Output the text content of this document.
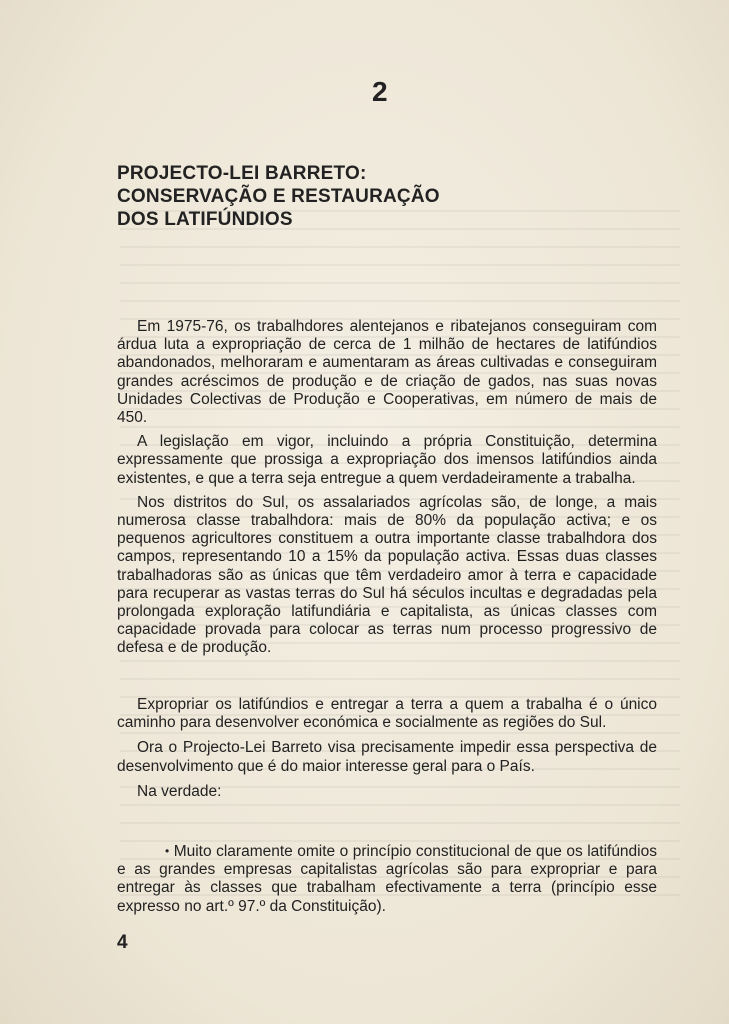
2
PROJECTO-LEI BARRETO:
CONSERVAÇÃO E RESTAURAÇÃO
DOS LATIFÚNDIOS

Em 1975-76, os trabalhdores alentejanos e ribatejanos conseguiram com árdua luta a expropriação de cerca de 1 milhão de hectares de latifúndios abandonados, melhoraram e aumentaram as áreas cultivadas e conseguiram grandes acréscimos de produção e de criação de gados, nas suas novas Unidades Colectivas de Produção e Cooperativas, em número de mais de 450.

A legislação em vigor, incluindo a própria Constituição, determina expressamente que prossiga a expropriação dos imensos latifúndios ainda existentes, e que a terra seja entregue a quem verdadeiramente a trabalha.

Nos distritos do Sul, os assalariados agrícolas são, de longe, a mais numerosa classe trabalhdora: mais de 80% da população activa; e os pequenos agricultores constituem a outra importante classe trabalhdora dos campos, representando 10 a 15% da população activa. Essas duas classes trabalhadoras são as únicas que têm verdadeiro amor à terra e capacidade para recuperar as vastas terras do Sul há séculos incultas e degradadas pela prolongada exploração latifundiária e capitalista, as únicas classes com capacidade provada para colocar as terras num processo progressivo de defesa e de produção.

Expropriar os latifúndios e entregar a terra a quem a trabalha é o único caminho para desenvolver económica e socialmente as regiões do Sul.

Ora o Projecto-Lei Barreto visa precisamente impedir essa perspectiva de desenvolvimento que é do maior interesse geral para o País.

Na verdade:

• Muito claramente omite o princípio constitucional de que os latifúndios e as grandes empresas capitalistas agrícolas são para expropriar e para entregar às classes que trabalham efectivamente a terra (princípio esse expresso no art.º 97.º da Constituição).
4
